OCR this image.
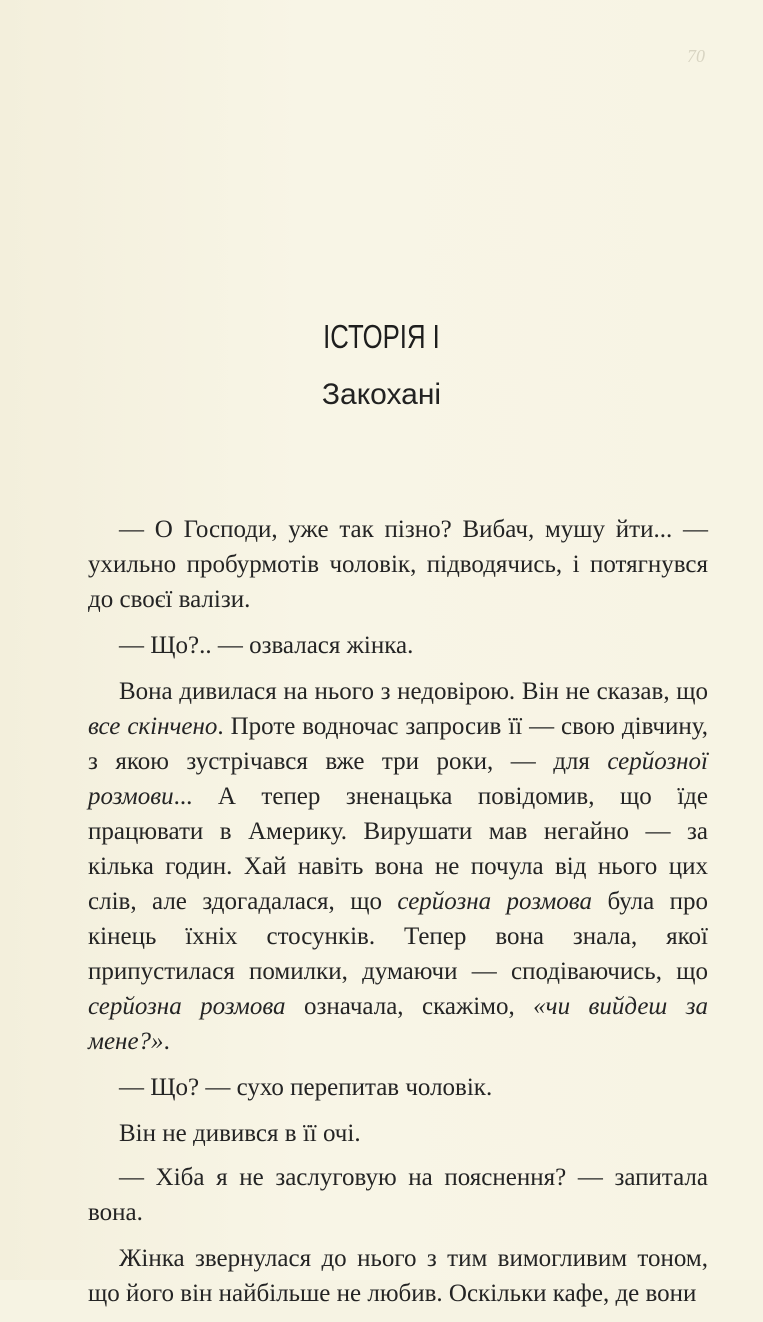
70
ІСТОРІЯ І
Закохані

— О Господи, уже так пізно? Вибач, мушу йти... — ухильно пробурмотів чоловік, підводячись, і потягнувся до своєї валізи.

— Що?.. — озвалася жінка.

Вона дивилася на нього з недовірою. Він не сказав, що все скінчено. Проте водночас запросив її — свою дівчину, з якою зустрічався вже три роки, — для серйозної розмови... А тепер зненацька повідомив, що їде працювати в Америку. Вирушати мав негайно — за кілька годин. Хай навіть вона не почула від нього цих слів, але здогадалася, що серйозна розмова була про кінець їхніх стосунків. Тепер вона знала, якої припустилася помилки, думаючи — сподіваючись, що серйозна розмова означала, скажімо, «чи вийдеш за мене?».

— Що? — сухо перепитав чоловік.

Він не дивився в її очі.

— Хіба я не заслуговую на пояснення? — запитала вона.

Жінка звернулася до нього з тим вимогливим тоном, що його він найбільше не любив. Оскільки кафе, де вони
